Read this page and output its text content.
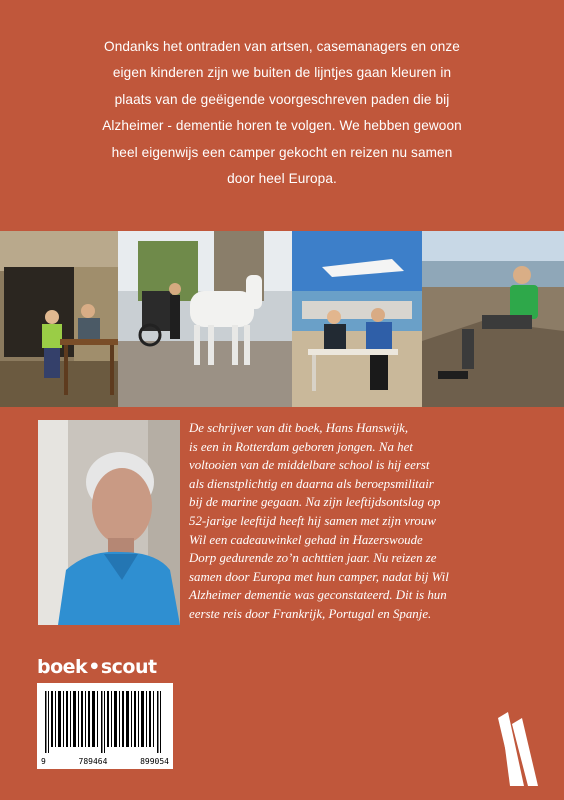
Ondanks het ontraden van artsen, casemanagers en onze
eigen kinderen zijn we buiten de lijntjes gaan kleuren in
plaats van de geëigende voorgeschreven paden die bij
Alzheimer - dementie horen te volgen. We hebben gewoon
heel eigenwijs een camper gekocht en reizen nu samen
door heel Europa.
De schrijver van dit boek, Hans Hanswijk,
is een in Rotterdam geboren jongen. Na het
voltooien van de middelbare school is hij eerst
als dienstplichtig en daarna als beroepsmilitair
bij de marine gegaan. Na zijn leeftijdsontslag op
52-jarige leeftijd heeft hij samen met zijn vrouw
Wil een cadeauwinkel gehad in Hazerswoude
Dorp gedurende zo’n achttien jaar. Nu reizen ze
samen door Europa met hun camper, nadat bij Wil
Alzheimer dementie was geconstateerd. Dit is hun
eerste reis door Frankrijk, Portugal en Spanje.
boek•scout
9	789464	899054
